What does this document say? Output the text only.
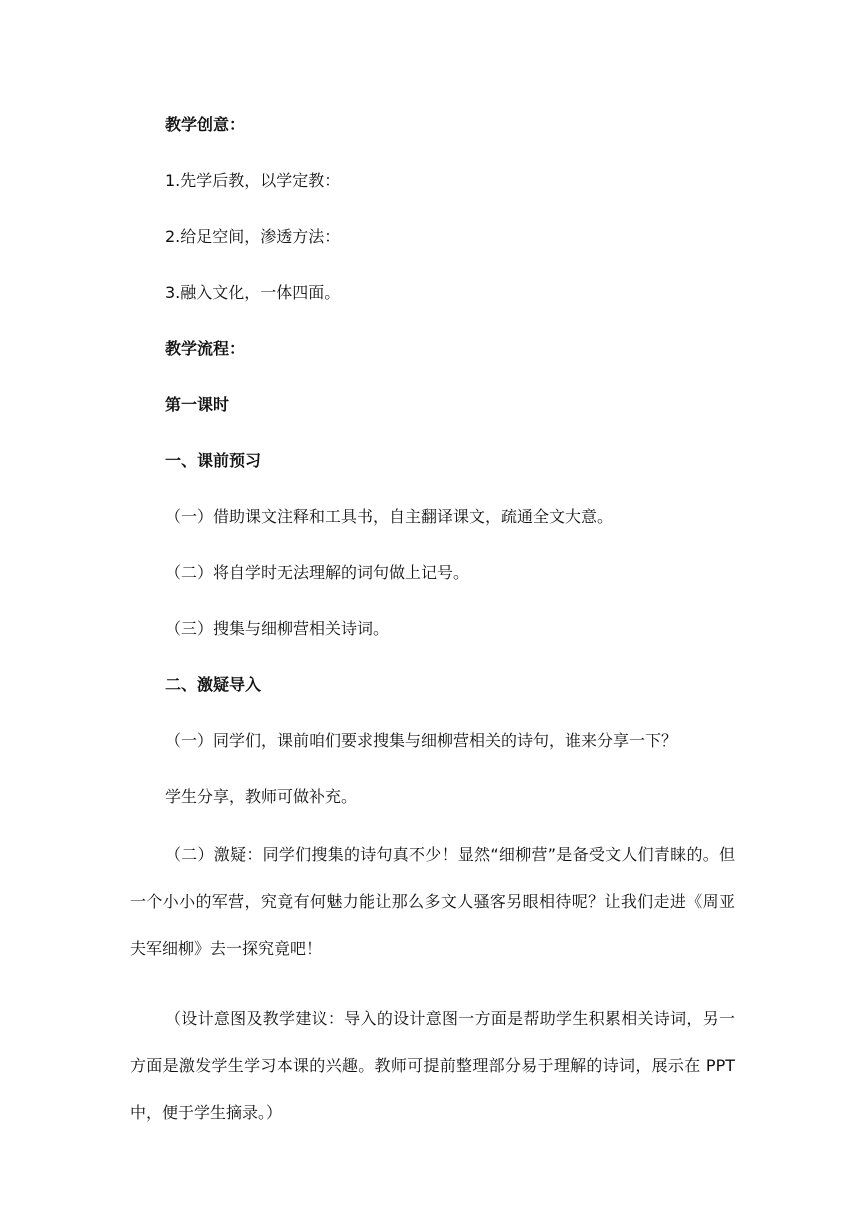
教学创意：

1.先学后教，以学定教：

2.给足空间，渗透方法：

3.融入文化，一体四面。

教学流程：

第一课时

一、课前预习

（一）借助课文注释和工具书，自主翻译课文，疏通全文大意。

（二）将自学时无法理解的词句做上记号。

（三）搜集与细柳营相关诗词。

二、激疑导入

（一）同学们，课前咱们要求搜集与细柳营相关的诗句，谁来分享一下？

学生分享，教师可做补充。

（二）激疑：同学们搜集的诗句真不少！显然“细柳营”是备受文人们青睐的。但一个小小的军营，究竟有何魅力能让那么多文人骚客另眼相待呢？让我们走进《周亚夫军细柳》去一探究竟吧！

（设计意图及教学建议：导入的设计意图一方面是帮助学生积累相关诗词，另一方面是激发学生学习本课的兴趣。教师可提前整理部分易于理解的诗词，展示在 PPT 中，便于学生摘录。）
